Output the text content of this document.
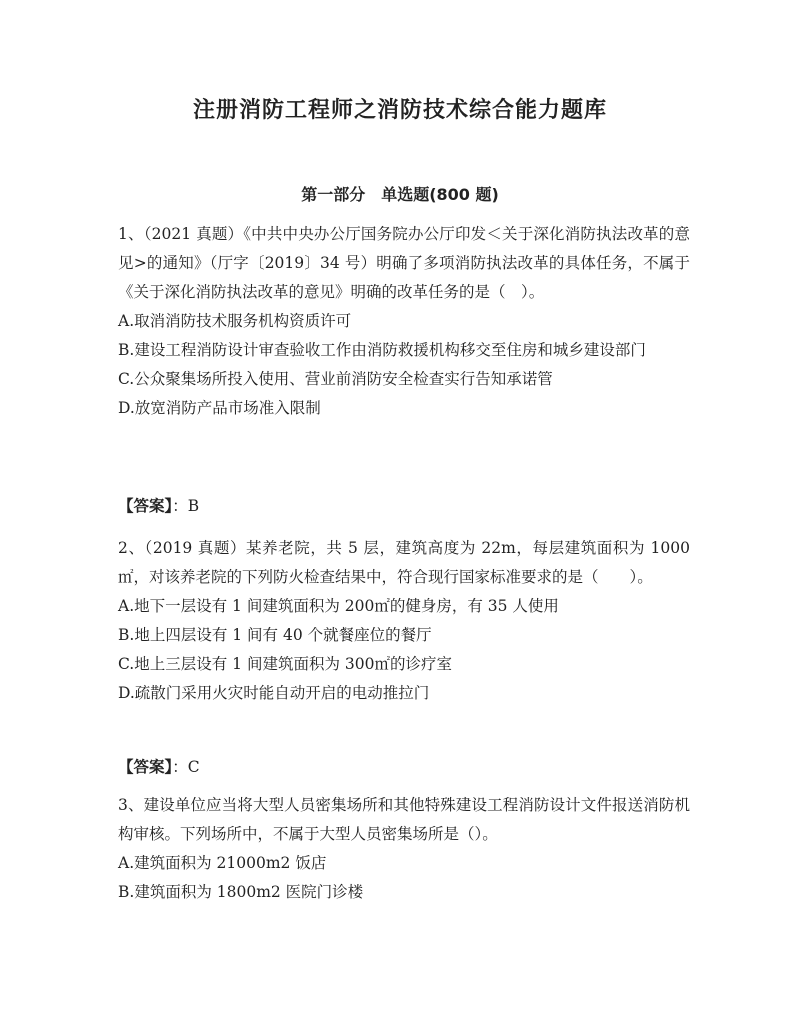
注册消防工程师之消防技术综合能力题库
第一部分　单选题(800 题)

1、（2021 真题）《中共中央办公厅国务院办公厅印发＜关于深化消防执法改革的意见>的通知》（厅字〔2019〕34 号）明确了多项消防执法改革的具体任务，不属于《关于深化消防执法改革的意见》明确的改革任务的是（　）。

A.取消消防技术服务机构资质许可

B.建设工程消防设计审查验收工作由消防救援机构移交至住房和城乡建设部门

C.公众聚集场所投入使用、营业前消防安全检查实行告知承诺管

D.放宽消防产品市场准入限制

【答案】：B

2、（2019 真题）某养老院，共 5 层，建筑高度为 22m，每层建筑面积为 1000㎡，对该养老院的下列防火检查结果中，符合现行国家标准要求的是（　　）。

A.地下一层设有 1 间建筑面积为 200㎡的健身房，有 35 人使用

B.地上四层设有 1 间有 40 个就餐座位的餐厅

C.地上三层设有 1 间建筑面积为 300㎡的诊疗室

D.疏散门采用火灾时能自动开启的电动推拉门

【答案】：C

3、建设单位应当将大型人员密集场所和其他特殊建设工程消防设计文件报送消防机构审核。下列场所中，不属于大型人员密集场所是（）。

A.建筑面积为 21000m2 饭店

B.建筑面积为 1800m2 医院门诊楼
